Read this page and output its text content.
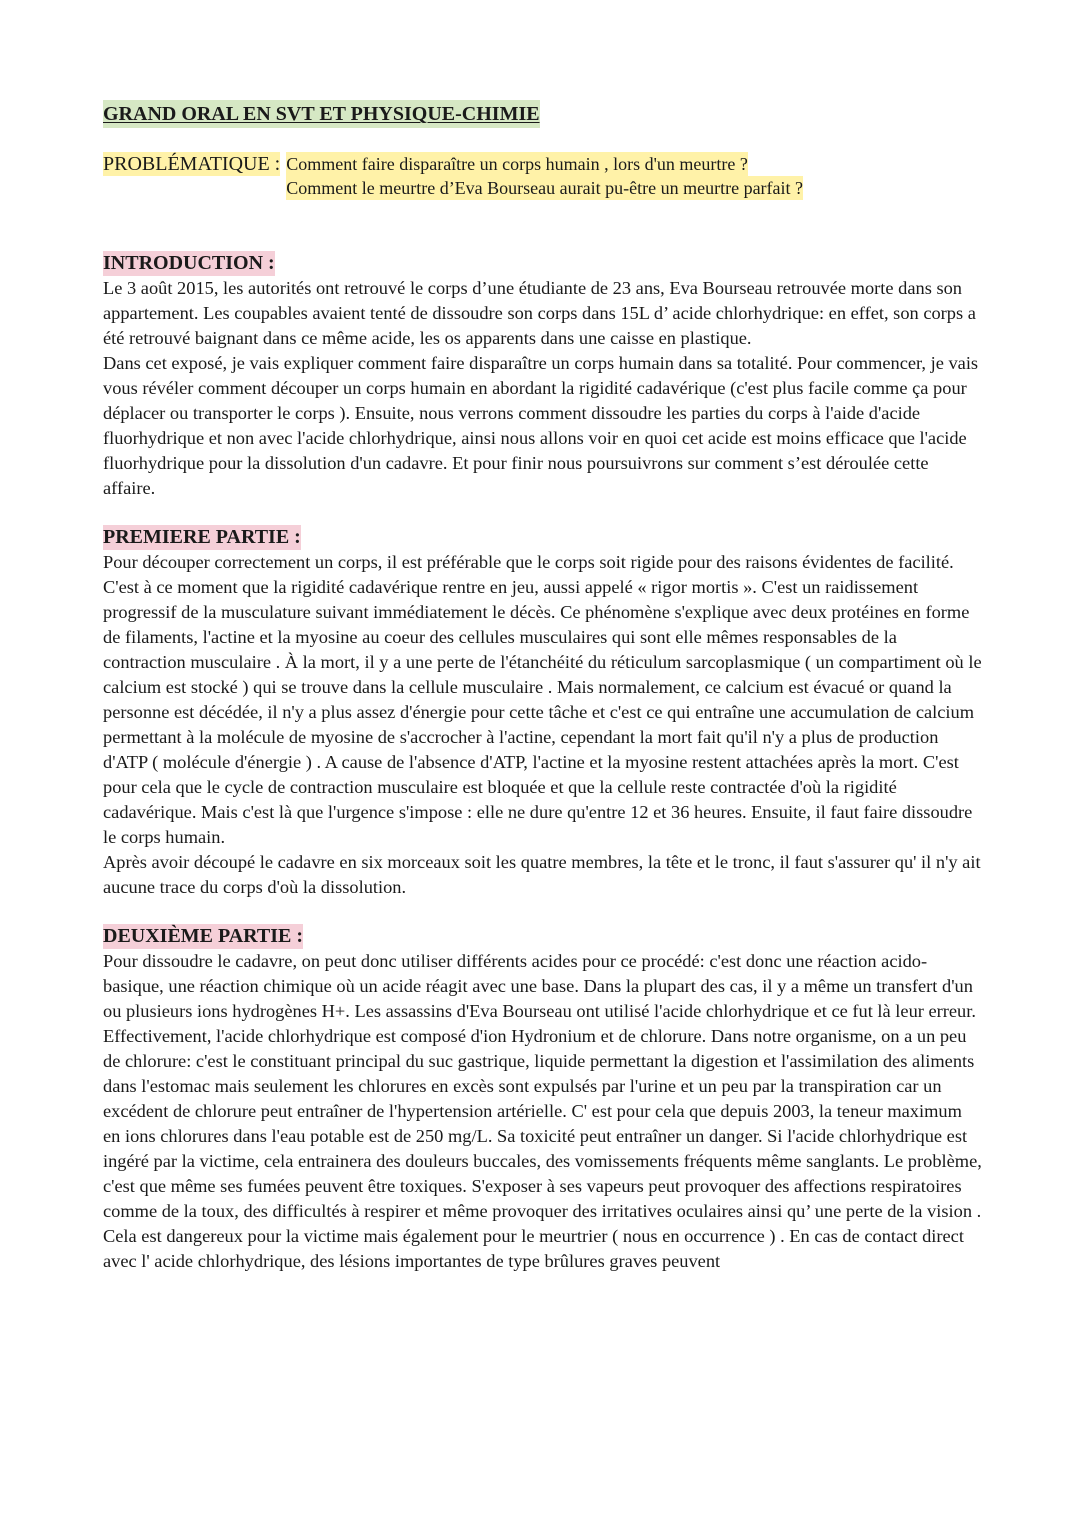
GRAND ORAL EN SVT ET PHYSIQUE-CHIMIE
PROBLÉMATIQUE : Comment faire disparaître un corps humain , lors d'un meurtre ?
Comment le meurtre d’Eva Bourseau aurait pu-être un meurtre parfait ?
INTRODUCTION :

Le 3 août 2015, les autorités ont retrouvé le corps d’une étudiante de 23 ans, Eva Bourseau retrouvée morte dans son appartement. Les coupables avaient tenté de dissoudre son corps dans 15L d’ acide chlorhydrique: en effet, son corps a été retrouvé baignant dans ce même acide, les os apparents dans une caisse en plastique.

Dans cet exposé, je vais expliquer comment faire disparaître un corps humain dans sa totalité. Pour commencer, je vais vous révéler comment découper un corps humain en abordant la rigidité cadavérique (c'est plus facile comme ça pour déplacer ou transporter le corps ). Ensuite, nous verrons comment dissoudre les parties du corps à l'aide d'acide fluorhydrique et non avec l'acide chlorhydrique, ainsi nous allons voir en quoi cet acide est moins efficace que l'acide fluorhydrique pour la dissolution d'un cadavre. Et pour finir nous poursuivrons sur comment s’est déroulée cette affaire.

PREMIERE PARTIE :

Pour découper correctement un corps, il est préférable que le corps soit rigide pour des raisons évidentes de facilité. C'est à ce moment que la rigidité cadavérique rentre en jeu, aussi appelé « rigor mortis ». C'est un raidissement progressif de la musculature suivant immédiatement le décès. Ce phénomène s'explique avec deux protéines en forme de filaments, l'actine et la myosine au coeur des cellules musculaires qui sont elle mêmes responsables de la contraction musculaire . À la mort, il y a une perte de l'étanchéité du réticulum sarcoplasmique ( un compartiment où le calcium est stocké ) qui se trouve dans la cellule musculaire . Mais normalement, ce calcium est évacué or quand la personne est décédée, il n'y a plus assez d'énergie pour cette tâche et c'est ce qui entraîne une accumulation de calcium permettant à la molécule de myosine de s'accrocher à l'actine, cependant la mort fait qu'il n'y a plus de production d'ATP ( molécule d'énergie ) . A cause de l'absence d'ATP, l'actine et la myosine restent attachées après la mort. C'est pour cela que le cycle de contraction musculaire est bloquée et que la cellule reste contractée d'où la rigidité cadavérique. Mais c'est là que l'urgence s'impose : elle ne dure qu'entre 12 et 36 heures. Ensuite, il faut faire dissoudre le corps humain.

Après avoir découpé le cadavre en six morceaux soit les quatre membres, la tête et le tronc, il faut s'assurer qu' il n'y ait aucune trace du corps d'où la dissolution.

DEUXIÈME PARTIE :

Pour dissoudre le cadavre, on peut donc utiliser différents acides pour ce procédé: c'est donc une réaction acido-basique, une réaction chimique où un acide réagit avec une base. Dans la plupart des cas, il y a même un transfert d'un ou plusieurs ions hydrogènes H+. Les assassins d'Eva Bourseau ont utilisé l'acide chlorhydrique et ce fut là leur erreur. Effectivement, l'acide chlorhydrique est composé d'ion Hydronium et de chlorure. Dans notre organisme, on a un peu de chlorure: c'est le constituant principal du suc gastrique, liquide permettant la digestion et l'assimilation des aliments dans l'estomac mais seulement les chlorures en excès sont expulsés par l'urine et un peu par la transpiration car un excédent de chlorure peut entraîner de l'hypertension artérielle. C' est pour cela que depuis 2003, la teneur maximum en ions chlorures dans l'eau potable est de 250 mg/L. Sa toxicité peut entraîner un danger. Si l'acide chlorhydrique est ingéré par la victime, cela entrainera des douleurs buccales, des vomissements fréquents même sanglants. Le problème, c'est que même ses fumées peuvent être toxiques. S'exposer à ses vapeurs peut provoquer des affections respiratoires comme de la toux, des difficultés à respirer et même provoquer des irritatives oculaires ainsi qu’ une perte de la vision . Cela est dangereux pour la victime mais également pour le meurtrier ( nous en occurrence ) . En cas de contact direct avec l' acide chlorhydrique, des lésions importantes de type brûlures graves peuvent
